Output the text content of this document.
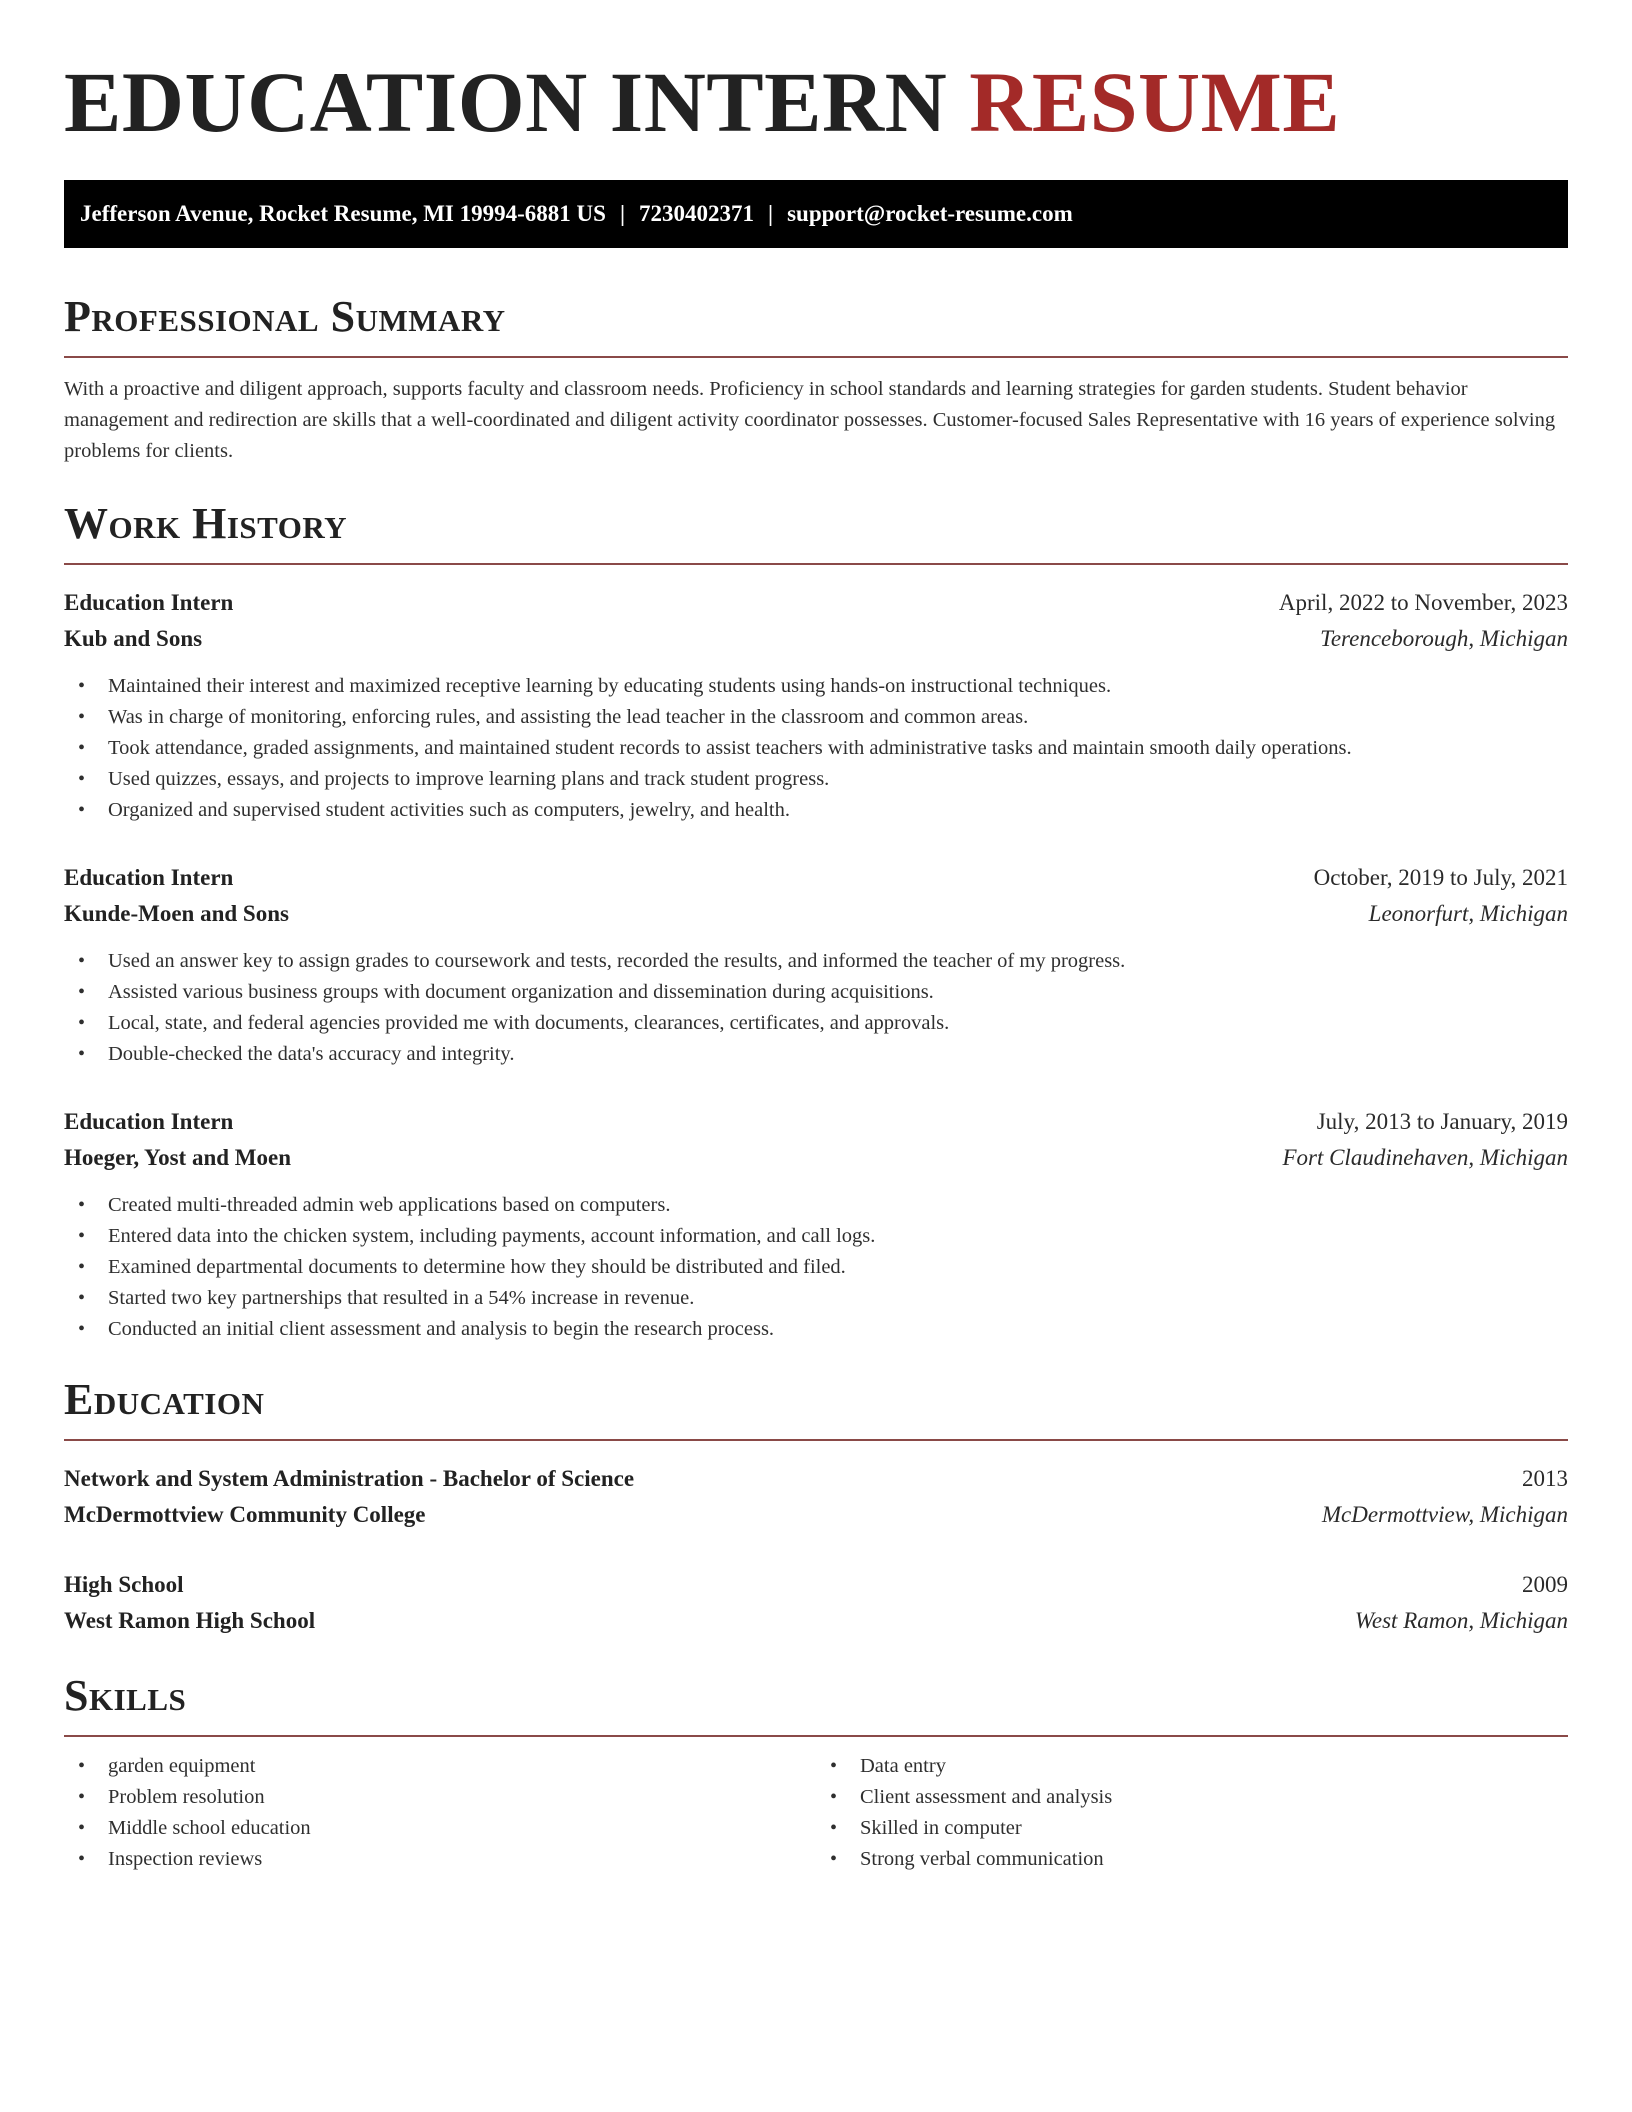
EDUCATION INTERN RESUME
Jefferson Avenue, Rocket Resume, MI 19994-6881 US | 7230402371 | support@rocket-resume.com
Professional Summary

With a proactive and diligent approach, supports faculty and classroom needs. Proficiency in school standards and learning strategies for garden students. Student behavior management and redirection are skills that a well-coordinated and diligent activity coordinator possesses. Customer-focused Sales Representative with 16 years of experience solving problems for clients.

Work History
Education Intern	April, 2022 to November, 2023
Kub and Sons	Terenceborough, Michigan
• Maintained their interest and maximized receptive learning by educating students using hands-on instructional techniques.
• Was in charge of monitoring, enforcing rules, and assisting the lead teacher in the classroom and common areas.
• Took attendance, graded assignments, and maintained student records to assist teachers with administrative tasks and maintain smooth daily operations.
• Used quizzes, essays, and projects to improve learning plans and track student progress.
• Organized and supervised student activities such as computers, jewelry, and health.
Education Intern	October, 2019 to July, 2021
Kunde-Moen and Sons	Leonorfurt, Michigan
• Used an answer key to assign grades to coursework and tests, recorded the results, and informed the teacher of my progress.
• Assisted various business groups with document organization and dissemination during acquisitions.
• Local, state, and federal agencies provided me with documents, clearances, certificates, and approvals.
• Double-checked the data's accuracy and integrity.
Education Intern	July, 2013 to January, 2019
Hoeger, Yost and Moen	Fort Claudinehaven, Michigan
• Created multi-threaded admin web applications based on computers.
• Entered data into the chicken system, including payments, account information, and call logs.
• Examined departmental documents to determine how they should be distributed and filed.
• Started two key partnerships that resulted in a 54% increase in revenue.
• Conducted an initial client assessment and analysis to begin the research process.
Education
Network and System Administration - Bachelor of Science	2013
McDermottview Community College	McDermottview, Michigan
High School	2009
West Ramon High School	West Ramon, Michigan
Skills
• garden equipment
• Problem resolution
• Middle school education
• Inspection reviews
• Data entry
• Client assessment and analysis
• Skilled in computer
• Strong verbal communication
